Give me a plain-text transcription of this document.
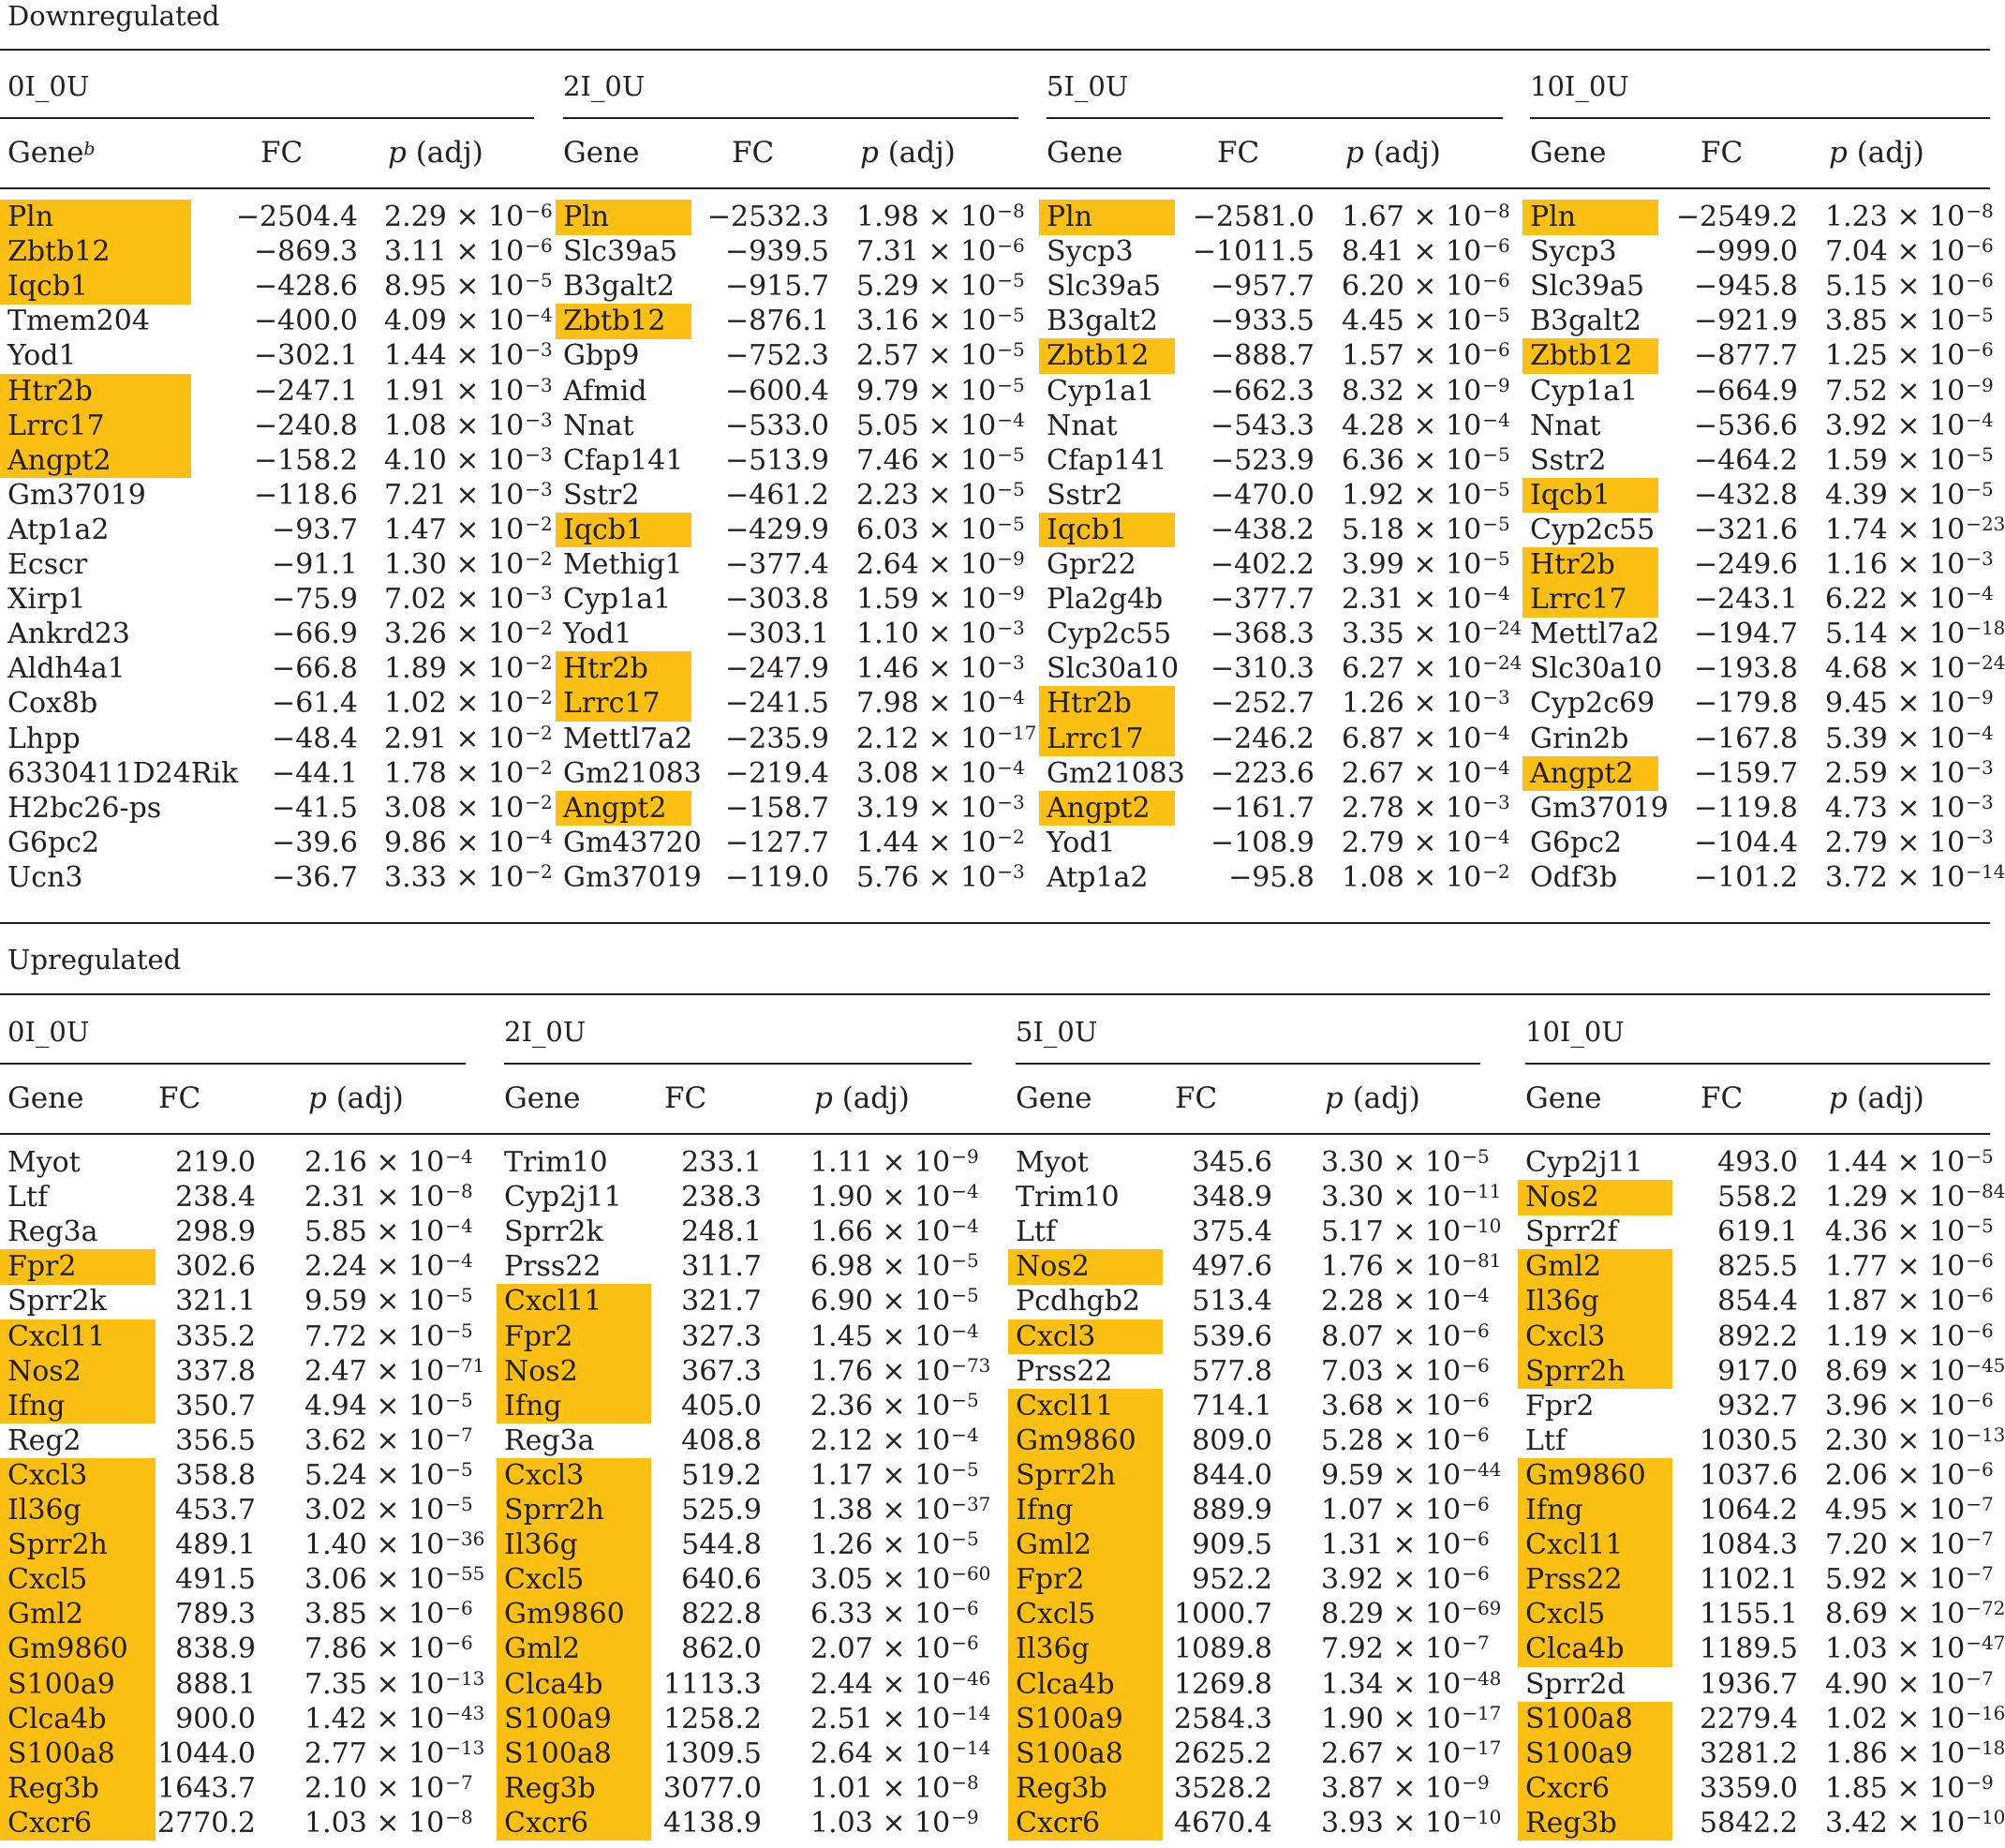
Downregulated
0I_0U
Gene$^b$	FC	p (adj)
Pln	−2504.4 $2.29 \times 10^{-6}$
Zbtb12	−869.3 $3.11 \times 10^{-6}$
Iqcb1	−428.6 $8.95 \times 10^{-5}$
Tmem204	−400.0 $4.09 \times 10^{-4}$
Yod1	−302.1 $1.44 \times 10^{-3}$
Htr2b	−247.1 $1.91 \times 10^{-3}$
Lrrc17	−240.8 $1.08 \times 10^{-3}$
Angpt2	−158.2 $4.10 \times 10^{-3}$
Gm37019	−118.6 $7.21 \times 10^{-3}$
Atp1a2	−93.7 $1.47 \times 10^{-2}$
Ecscr	−91.1 $1.30 \times 10^{-2}$
Xirp1	−75.9 $7.02 \times 10^{-3}$
Ankrd23	−66.9 $3.26 \times 10^{-2}$
Aldh4a1	−66.8 $1.89 \times 10^{-2}$
Cox8b	−61.4 $1.02 \times 10^{-2}$
Lhpp	−48.4 $2.91 \times 10^{-2}$
6330411D24Rik	−44.1 $1.78 \times 10^{-2}$
H2bc26-ps	−41.5 $3.08 \times 10^{-2}$
G6pc2	−39.6 $9.86 \times 10^{-4}$
Ucn3	−36.7 $3.33 \times 10^{-2}$
2I_0U
Gene	FC	p (adj)
Pln	−2532.3 $1.98 \times 10^{-8}$
Slc39a5	−939.5 $7.31 \times 10^{-6}$
B3galt2	−915.7 $5.29 \times 10^{-5}$
Zbtb12	−876.1 $3.16 \times 10^{-5}$
Gbp9	−752.3 $2.57 \times 10^{-5}$
Afmid	−600.4 $9.79 \times 10^{-5}$
Nnat	−533.0 $5.05 \times 10^{-4}$
Cfap141	−513.9 $7.46 \times 10^{-5}$
Sstr2	−461.2 $2.23 \times 10^{-5}$
Iqcb1	−429.9 $6.03 \times 10^{-5}$
Methig1	−377.4 $2.64 \times 10^{-9}$
Cyp1a1	−303.8 $1.59 \times 10^{-9}$
Yod1	−303.1 $1.10 \times 10^{-3}$
Htr2b	−247.9 $1.46 \times 10^{-3}$
Lrrc17	−241.5 $7.98 \times 10^{-4}$
Mettl7a2	−235.9 $2.12 \times 10^{-17}$
Gm21083 −219.4 $3.08 \times 10^{-4}$
Angpt2	−158.7 $3.19 \times 10^{-3}$
Gm43720 −127.7 $1.44 \times 10^{-2}$
Gm37019 −119.0 $5.76 \times 10^{-3}$
5I_0U
Gene	FC	p (adj)
Pln	−2581.0 $1.67 \times 10^{-8}$
Sycp3	−1011.5 $8.41 \times 10^{-6}$
Slc39a5	−957.7 $6.20 \times 10^{-6}$
B3galt2	−933.5 $4.45 \times 10^{-5}$
Zbtb12	−888.7 $1.57 \times 10^{-6}$
Cyp1a1	−662.3 $8.32 \times 10^{-9}$
Nnat	−543.3 $4.28 \times 10^{-4}$
Cfap141	−523.9 $6.36 \times 10^{-5}$
Sstr2	−470.0 $1.92 \times 10^{-5}$
Iqcb1	−438.2 $5.18 \times 10^{-5}$
Gpr22	−402.2 $3.99 \times 10^{-5}$
Pla2g4b	−377.7 $2.31 \times 10^{-4}$
Cyp2c55	−368.3 $3.35 \times 10^{-24}$
Slc30a10	−310.3 $6.27 \times 10^{-24}$
Htr2b	−252.7 $1.26 \times 10^{-3}$
Lrrc17	−246.2 $6.87 \times 10^{-4}$
Gm21083 −223.6 $2.67 \times 10^{-4}$
Angpt2	−161.7 $2.78 \times 10^{-3}$
Yod1	−108.9 $2.79 \times 10^{-4}$
Atp1a2	−95.8 $1.08 \times 10^{-2}$
10I_0U
Gene	FC	p (adj)
Pln	−2549.2 $1.23 \times 10^{-8}$
Sycp3	−999.0 $7.04 \times 10^{-6}$
Slc39a5	−945.8 $5.15 \times 10^{-6}$
B3galt2	−921.9 $3.85 \times 10^{-5}$
Zbtb12	−877.7 $1.25 \times 10^{-6}$
Cyp1a1	−664.9 $7.52 \times 10^{-9}$
Nnat	−536.6 $3.92 \times 10^{-4}$
Sstr2	−464.2 $1.59 \times 10^{-5}$
Iqcb1	−432.8 $4.39 \times 10^{-5}$
Cyp2c55	−321.6 $1.74 \times 10^{-23}$
Htr2b	−249.6 $1.16 \times 10^{-3}$
Lrrc17	−243.1 $6.22 \times 10^{-4}$
Mettl7a2	−194.7 $5.14 \times 10^{-18}$
Slc30a10	−193.8 $4.68 \times 10^{-24}$
Cyp2c69	−179.8 $9.45 \times 10^{-9}$
Grin2b	−167.8 $5.39 \times 10^{-4}$
Angpt2	−159.7 $2.59 \times 10^{-3}$
Gm37019 −119.8 $4.73 \times 10^{-3}$
G6pc2	−104.4 $2.79 \times 10^{-3}$
Odf3b	−101.2 $3.72 \times 10^{-14}$
Upregulated
0I_0U
Gene	FC	p (adj)
Myot	219.0 $2.16 \times 10^{-4}$
Ltf	238.4 $2.31 \times 10^{-8}$
Reg3a	298.9 $5.85 \times 10^{-4}$
Fpr2	302.6 $2.24 \times 10^{-4}$
Sprr2k	321.1 $9.59 \times 10^{-5}$
Cxcl11	335.2 $7.72 \times 10^{-5}$
Nos2	337.8 $2.47 \times 10^{-71}$
Ifng	350.7 $4.94 \times 10^{-5}$
Reg2	356.5 $3.62 \times 10^{-7}$
Cxcl3	358.8 $5.24 \times 10^{-5}$
Il36g	453.7 $3.02 \times 10^{-5}$
Sprr2h	489.1 $1.40 \times 10^{-36}$
Cxcl5	491.5 $3.06 \times 10^{-55}$
Gml2	789.3 $3.85 \times 10^{-6}$
Gm9860	838.9 $7.86 \times 10^{-6}$
S100a9	888.1 $7.35 \times 10^{-13}$
Clca4b	900.0 $1.42 \times 10^{-43}$
S100a8	1044.0 $2.77 \times 10^{-13}$
Reg3b	1643.7 $2.10 \times 10^{-7}$
Cxcr6	2770.2 $1.03 \times 10^{-8}$
2I_0U
Gene	FC	p (adj)
Trim10	233.1 $1.11 \times 10^{-9}$
Cyp2j11	238.3 $1.90 \times 10^{-4}$
Sprr2k	248.1 $1.66 \times 10^{-4}$
Prss22	311.7 $6.98 \times 10^{-5}$
Cxcl11	321.7 $6.90 \times 10^{-5}$
Fpr2	327.3 $1.45 \times 10^{-4}$
Nos2	367.3 $1.76 \times 10^{-73}$
Ifng	405.0 $2.36 \times 10^{-5}$
Reg3a	408.8 $2.12 \times 10^{-4}$
Cxcl3	519.2 $1.17 \times 10^{-5}$
Sprr2h	525.9 $1.38 \times 10^{-37}$
Il36g	544.8 $1.26 \times 10^{-5}$
Cxcl5	640.6 $3.05 \times 10^{-60}$
Gm9860	822.8 $6.33 \times 10^{-6}$
Gml2	862.0 $2.07 \times 10^{-6}$
Clca4b	1113.3 $2.44 \times 10^{-46}$
S100a9	1258.2 $2.51 \times 10^{-14}$
S100a8	1309.5 $2.64 \times 10^{-14}$
Reg3b	3077.0 $1.01 \times 10^{-8}$
Cxcr6	4138.9 $1.03 \times 10^{-9}$
5I_0U
Gene	FC	p (adj)
Myot	345.6 $3.30 \times 10^{-5}$
Trim10	348.9 $3.30 \times 10^{-11}$
Ltf	375.4 $5.17 \times 10^{-10}$
Nos2	497.6 $1.76 \times 10^{-81}$
Pcdhgb2	513.4 $2.28 \times 10^{-4}$
Cxcl3	539.6 $8.07 \times 10^{-6}$
Prss22	577.8 $7.03 \times 10^{-6}$
Cxcl11	714.1 $3.68 \times 10^{-6}$
Gm9860	809.0 $5.28 \times 10^{-6}$
Sprr2h	844.0 $9.59 \times 10^{-44}$
Ifng	889.9 $1.07 \times 10^{-6}$
Gml2	909.5 $1.31 \times 10^{-6}$
Fpr2	952.2 $3.92 \times 10^{-6}$
Cxcl5	1000.7 $8.29 \times 10^{-69}$
Il36g	1089.8 $7.92 \times 10^{-7}$
Clca4b	1269.8 $1.34 \times 10^{-48}$
S100a9	2584.3 $1.90 \times 10^{-17}$
S100a8	2625.2 $2.67 \times 10^{-17}$
Reg3b	3528.2 $3.87 \times 10^{-9}$
Cxcr6	4670.4 $3.93 \times 10^{-10}$
10I_0U
Gene	FC	p (adj)
Cyp2j11	493.0 $1.44 \times 10^{-5}$
Nos2	558.2 $1.29 \times 10^{-84}$
Sprr2f	619.1 $4.36 \times 10^{-5}$
Gml2	825.5 $1.77 \times 10^{-6}$
Il36g	854.4 $1.87 \times 10^{-6}$
Cxcl3	892.2 $1.19 \times 10^{-6}$
Sprr2h	917.0 $8.69 \times 10^{-45}$
Fpr2	932.7 $3.96 \times 10^{-6}$
Ltf	1030.5 $2.30 \times 10^{-13}$
Gm9860	1037.6 $2.06 \times 10^{-6}$
Ifng	1064.2 $4.95 \times 10^{-7}$
Cxcl11	1084.3 $7.20 \times 10^{-7}$
Prss22	1102.1 $5.92 \times 10^{-7}$
Cxcl5	1155.1 $8.69 \times 10^{-72}$
Clca4b	1189.5 $1.03 \times 10^{-47}$
Sprr2d	1936.7 $4.90 \times 10^{-7}$
S100a8	2279.4 $1.02 \times 10^{-16}$
S100a9	3281.2 $1.86 \times 10^{-18}$
Cxcr6	3359.0 $1.85 \times 10^{-9}$
Reg3b	5842.2 $3.42 \times 10^{-10}$
